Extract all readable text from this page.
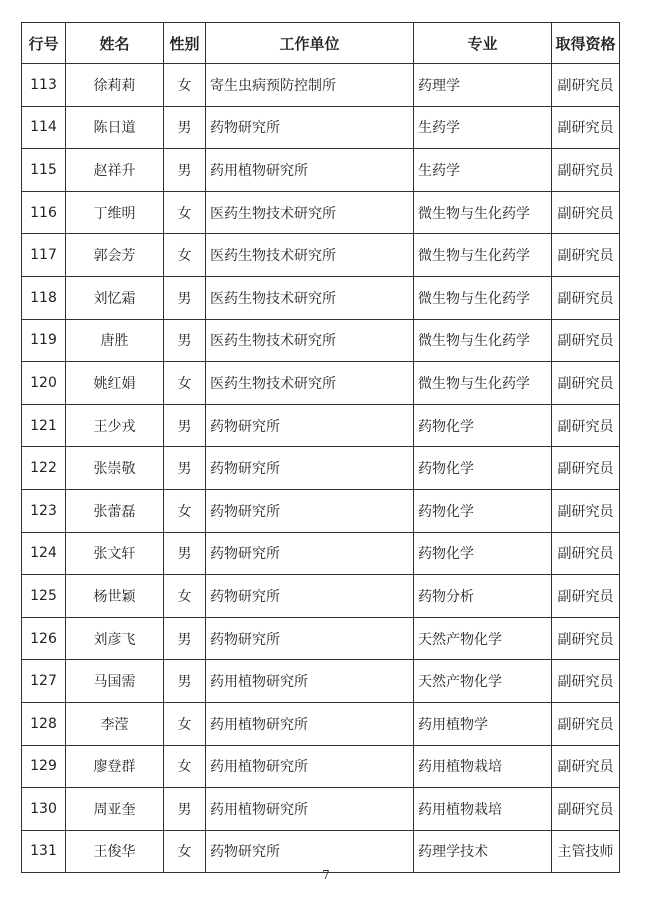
行号	姓名	性别	工作单位	专业	取得资格
113	徐莉莉	女	寄生虫病预防控制所	药理学	副研究员
114	陈日道	男	药物研究所	生药学	副研究员
115	赵祥升	男	药用植物研究所	生药学	副研究员
116	丁维明	女	医药生物技术研究所	微生物与生化药学	副研究员
117	郭会芳	女	医药生物技术研究所	微生物与生化药学	副研究员
118	刘忆霜	男	医药生物技术研究所	微生物与生化药学	副研究员
119	唐胜	男	医药生物技术研究所	微生物与生化药学	副研究员
120	姚红娟	女	医药生物技术研究所	微生物与生化药学	副研究员
121	王少戎	男	药物研究所	药物化学	副研究员
122	张崇敬	男	药物研究所	药物化学	副研究员
123	张蕾磊	女	药物研究所	药物化学	副研究员
124	张文轩	男	药物研究所	药物化学	副研究员
125	杨世颖	女	药物研究所	药物分析	副研究员
126	刘彦飞	男	药物研究所	天然产物化学	副研究员
127	马国需	男	药用植物研究所	天然产物化学	副研究员
128	李滢	女	药用植物研究所	药用植物学	副研究员
129	廖登群	女	药用植物研究所	药用植物栽培	副研究员
130	周亚奎	男	药用植物研究所	药用植物栽培	副研究员
131	王俊华	女	药物研究所	药理学技术	主管技师
7
